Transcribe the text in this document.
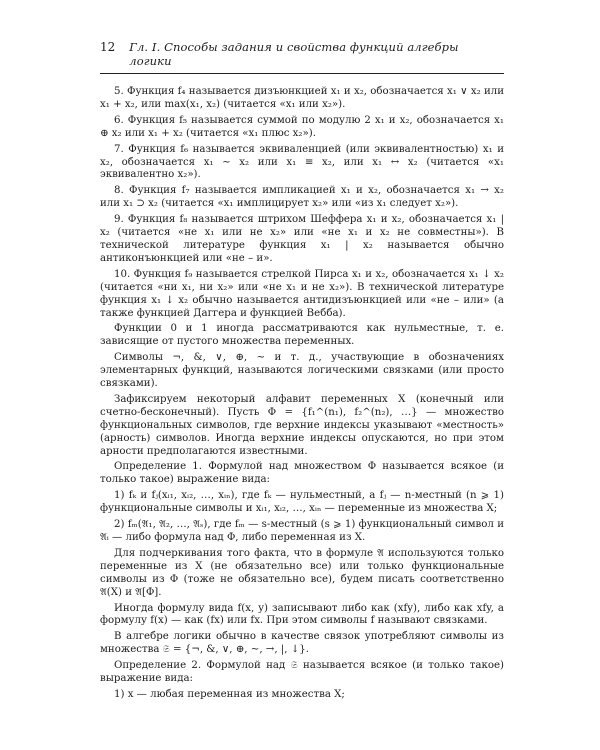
12 Гл. I. Способы задания и свойства функций алгебры логики

5. Функция f₄ называется дизъюнкцией x₁ и x₂, обозначается x₁ ∨ x₂ или x₁ + x₂, или max(x₁, x₂) (читается «x₁ или x₂»).

6. Функция f₅ называется суммой по модулю 2 x₁ и x₂, обозначается x₁ ⊕ x₂ или x₁ + x₂ (читается «x₁ плюс x₂»).

7. Функция f₆ называется эквиваленцией (или эквивалентностью) x₁ и x₂, обозначается x₁ ∼ x₂ или x₁ ≡ x₂, или x₁ ↔ x₂ (читается «x₁ эквивалентно x₂»).

8. Функция f₇ называется импликацией x₁ и x₂, обозначается x₁ → x₂ или x₁ ⊃ x₂ (читается «x₁ имплицирует x₂» или «из x₁ следует x₂»).

9. Функция f₈ называется штрихом Шеффера x₁ и x₂, обозначается x₁ | x₂ (читается «не x₁ или не x₂» или «не x₁ и x₂ не совместны»). В технической литературе функция x₁ | x₂ называется обычно антиконъюнкцией или «не – и».

10. Функция f₉ называется стрелкой Пирса x₁ и x₂, обозначается x₁ ↓ x₂ (читается «ни x₁, ни x₂» или «не x₁ и не x₂»). В технической литературе функция x₁ ↓ x₂ обычно называется антидизъюнкцией или «не – или» (а также функцией Даггера и функцией Вебба).

Функции 0 и 1 иногда рассматриваются как нульместные, т. е. зависящие от пустого множества переменных.

Символы ¬, &, ∨, ⊕, ∼ и т. д., участвующие в обозначениях элементарных функций, называются логическими связками (или просто связками).

Зафиксируем некоторый алфавит переменных X (конечный или счетно-бесконечный). Пусть Φ = {f₁^(n₁), f₂^(n₂), …} — множество функциональных символов, где верхние индексы указывают «местность» (арность) символов. Иногда верхние индексы опускаются, но при этом арности предполагаются известными.

Определение 1. Формулой над множеством Φ называется всякое (и только такое) выражение вида:

1) fₖ и fⱼ(xᵢ₁, xᵢ₂, …, xᵢₙ), где fₖ — нульместный, а fⱼ — n-местный (n ⩾ 1) функциональные символы и xᵢ₁, xᵢ₂, …, xᵢₙ — переменные из множества X;

2) fₘ(𝔄₁, 𝔄₂, …, 𝔄ₛ), где fₘ — s-местный (s ⩾ 1) функциональный символ и 𝔄ᵢ — либо формула над Φ, либо переменная из X.

Для подчеркивания того факта, что в формуле 𝔄 используются только переменные из X (не обязательно все) или только функциональные символы из Φ (тоже не обязательно все), будем писать соответственно 𝔄(X) и 𝔄[Φ].

Иногда формулу вида f(x, y) записывают либо как (xfy), либо как xfy, а формулу f(x) — как (fx) или fx. При этом символы f называют связками.

В алгебре логики обычно в качестве связок употребляют символы из множества 𝔖 = {¬, &, ∨, ⊕, ∼, →, |, ↓}.

Определение 2. Формулой над 𝔖 называется всякое (и только такое) выражение вида:

1) x — любая переменная из множества X;
